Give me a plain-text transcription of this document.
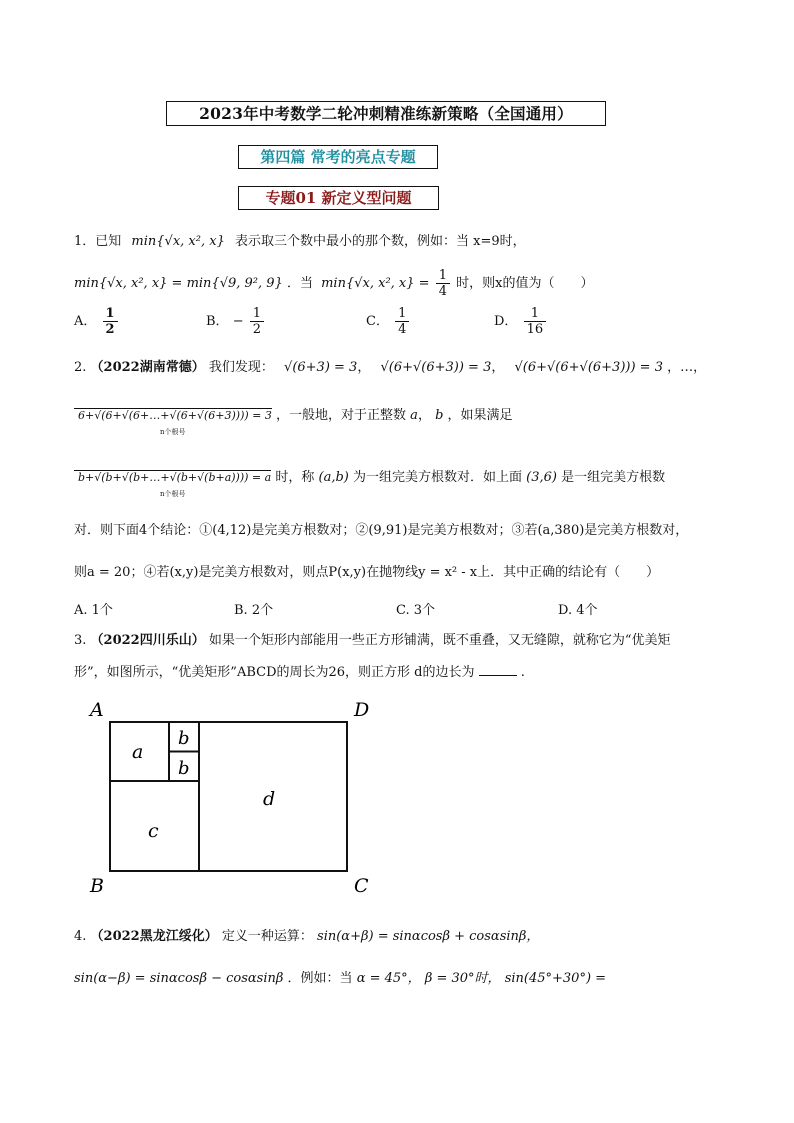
2023年中考数学二轮冲刺精准练新策略（全国通用）
第四篇 常考的亮点专题
专题01 新定义型问题
1．已知 min{√x, x², x} 表示取三个数中最小的那个数，例如：当 x=9时，
min{√x, x², x} = min{√9, 9², 9} ．当 min{√x, x², $x\} = \frac{1}{4}$ 时，则x的值为（　　）
A． $\frac{1}{2}$	B． − $\frac{1}{2}$	C． $\frac{1}{4}$	D． $\frac{1}{16}$
2. （2022湖南常德） 我们发现： √(6+3) = 3， √(6+√(6+3)) = 3， √(6+√(6+√(6+3))) = 3 ，…，
6+√(6+√(6+…+√(6+√(6+3)))) = 3 ，一般地，对于正整数 a， b ，如果满足
n个根号
b+√(b+√(b+…+√(b+√(b+a)))) = a 时，称 (a,b) 为一组完美方根数对．如上面 (3,6) 是一组完美方根数
n个根号
对．则下面4个结论：①(4,12)是完美方根数对；②(9,91)是完美方根数对；③若(a,380)是完美方根数对，
则a = 20；④若(x,y)是完美方根数对，则点P(x,y)在抛物线y = x² - x上．其中正确的结论有（　　）
A. 1个	B. 2个	C. 3个	D. 4个
3. （2022四川乐山） 如果一个矩形内部能用一些正方形铺满，既不重叠，又无缝隙，就称它为“优美矩
形”，如图所示，“优美矩形”ABCD的周长为26，则正方形 d的边长为	.
A	D
B	C
a
b
b
c
d
4. （2022黑龙江绥化） 定义一种运算： sin(α+β) = sinαcosβ + cosαsinβ，
sin(α−β) = sinαcosβ − cosαsinβ ．例如：当 α = 45°， β = 30°时， sin(45°+30°) =
